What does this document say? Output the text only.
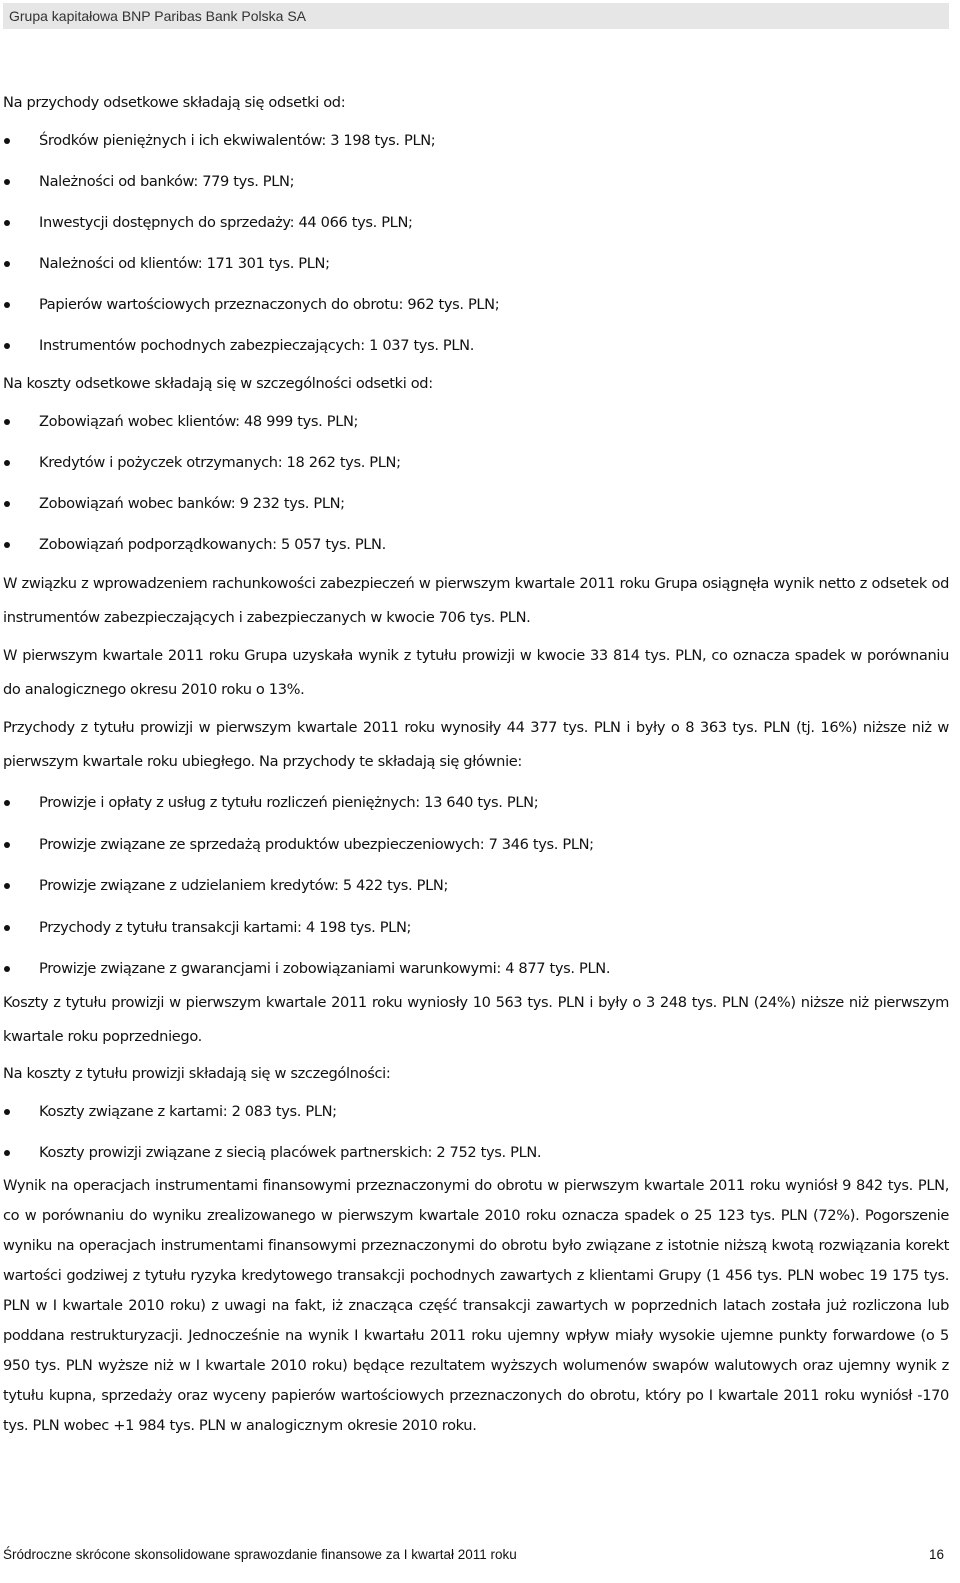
Grupa kapitałowa BNP Paribas Bank Polska SA

Na przychody odsetkowe składają się odsetki od:

Środków pieniężnych i ich ekwiwalentów: 3 198 tys. PLN;
Należności od banków: 779 tys. PLN;
Inwestycji dostępnych do sprzedaży: 44 066 tys. PLN;
Należności od klientów: 171 301 tys. PLN;
Papierów wartościowych przeznaczonych do obrotu: 962 tys. PLN;
Instrumentów pochodnych zabezpieczających: 1 037 tys. PLN.

Na koszty odsetkowe składają się w szczególności odsetki od:

Zobowiązań wobec klientów: 48 999 tys. PLN;
Kredytów i pożyczek otrzymanych: 18 262 tys. PLN;
Zobowiązań wobec banków: 9 232 tys. PLN;
Zobowiązań podporządkowanych: 5 057 tys. PLN.

W związku z wprowadzeniem rachunkowości zabezpieczeń w pierwszym kwartale 2011 roku Grupa osiągnęła wynik netto z odsetek od instrumentów zabezpieczających i zabezpieczanych w kwocie 706 tys. PLN.

W pierwszym kwartale 2011 roku Grupa uzyskała wynik z tytułu prowizji w kwocie 33 814 tys. PLN, co oznacza spadek w porównaniu do analogicznego okresu 2010 roku o 13%.

Przychody z tytułu prowizji w pierwszym kwartale 2011 roku wynosiły 44 377 tys. PLN i były o 8 363 tys. PLN (tj. 16%) niższe niż w pierwszym kwartale roku ubiegłego. Na przychody te składają się głównie:

Prowizje i opłaty z usług z tytułu rozliczeń pieniężnych: 13 640 tys. PLN;
Prowizje związane ze sprzedażą produktów ubezpieczeniowych: 7 346 tys. PLN;
Prowizje związane z udzielaniem kredytów: 5 422 tys. PLN;
Przychody z tytułu transakcji kartami: 4 198 tys. PLN;
Prowizje związane z gwarancjami i zobowiązaniami warunkowymi: 4 877 tys. PLN.

Koszty z tytułu prowizji w pierwszym kwartale 2011 roku wyniosły 10 563 tys. PLN i były o 3 248 tys. PLN (24%) niższe niż pierwszym kwartale roku poprzedniego.

Na koszty z tytułu prowizji składają się w szczególności:

Koszty związane z kartami: 2 083 tys. PLN;
Koszty prowizji związane z siecią placówek partnerskich: 2 752 tys. PLN.

Wynik na operacjach instrumentami finansowymi przeznaczonymi do obrotu w pierwszym kwartale 2011 roku wyniósł 9 842 tys. PLN, co w porównaniu do wyniku zrealizowanego w pierwszym kwartale 2010 roku oznacza spadek o 25 123 tys. PLN (72%). Pogorszenie wyniku na operacjach instrumentami finansowymi przeznaczonymi do obrotu było związane z istotnie niższą kwotą rozwiązania korekt wartości godziwej z tytułu ryzyka kredytowego transakcji pochodnych zawartych z klientami Grupy (1 456 tys. PLN wobec 19 175 tys. PLN w I kwartale 2010 roku) z uwagi na fakt, iż znacząca część transakcji zawartych w poprzednich latach została już rozliczona lub poddana restrukturyzacji. Jednocześnie na wynik I kwartału 2011 roku ujemny wpływ miały wysokie ujemne punkty forwardowe (o 5 950 tys. PLN wyższe niż w I kwartale 2010 roku) będące rezultatem wyższych wolumenów swapów walutowych oraz ujemny wynik z tytułu kupna, sprzedaży oraz wyceny papierów wartościowych przeznaczonych do obrotu, który po I kwartale 2011 roku wyniósł -170 tys. PLN wobec +1 984 tys. PLN w analogicznym okresie 2010 roku.

Śródroczne skrócone skonsolidowane sprawozdanie finansowe za I kwartał 2011 roku	16
